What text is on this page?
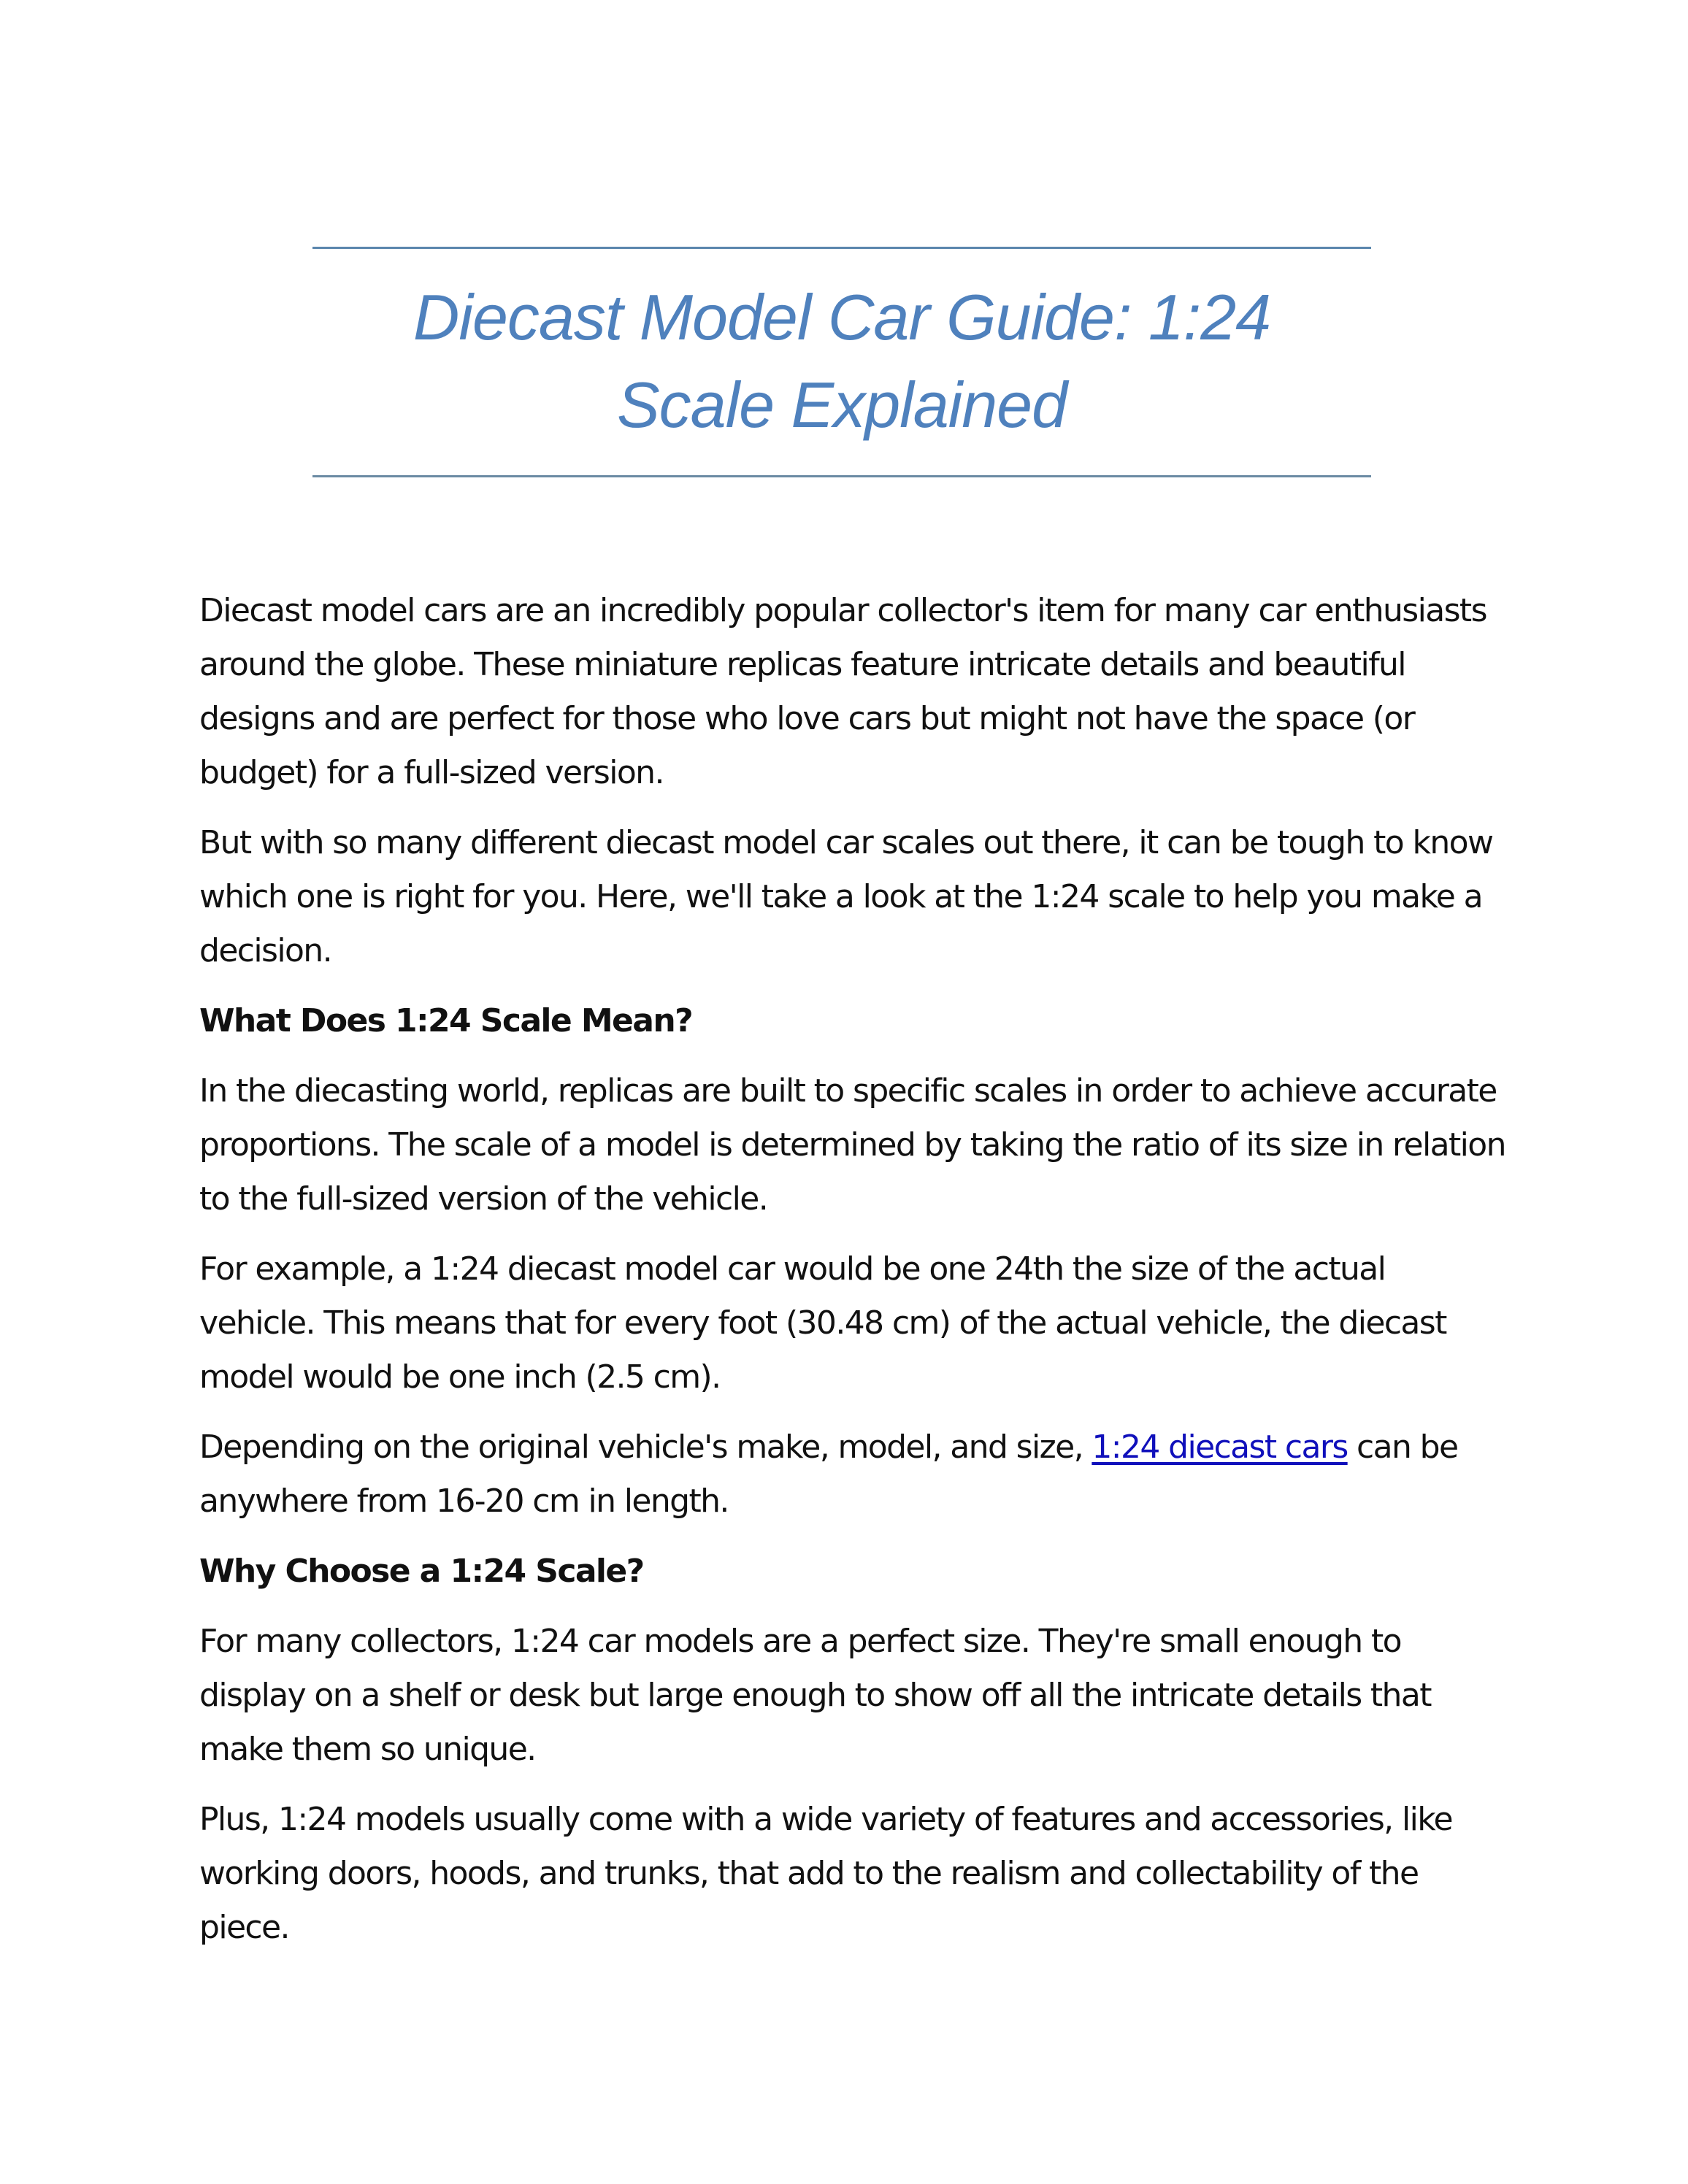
Diecast Model Car Guide: 1:24
Scale Explained

Diecast model cars are an incredibly popular collector's item for many car enthusiasts around the globe. These miniature replicas feature intricate details and beautiful designs and are perfect for those who love cars but might not have the space (or budget) for a full-sized version.

But with so many different diecast model car scales out there, it can be tough to know which one is right for you. Here, we'll take a look at the 1:24 scale to help you make a decision.

What Does 1:24 Scale Mean?

In the diecasting world, replicas are built to specific scales in order to achieve accurate proportions. The scale of a model is determined by taking the ratio of its size in relation to the full-sized version of the vehicle.

For example, a 1:24 diecast model car would be one 24th the size of the actual vehicle. This means that for every foot (30.48 cm) of the actual vehicle, the diecast model would be one inch (2.5 cm).

Depending on the original vehicle's make, model, and size, 1:24 diecast cars can be anywhere from 16-20 cm in length.

Why Choose a 1:24 Scale?

For many collectors, 1:24 car models are a perfect size. They're small enough to display on a shelf or desk but large enough to show off all the intricate details that make them so unique.

Plus, 1:24 models usually come with a wide variety of features and accessories, like working doors, hoods, and trunks, that add to the realism and collectability of the piece.
